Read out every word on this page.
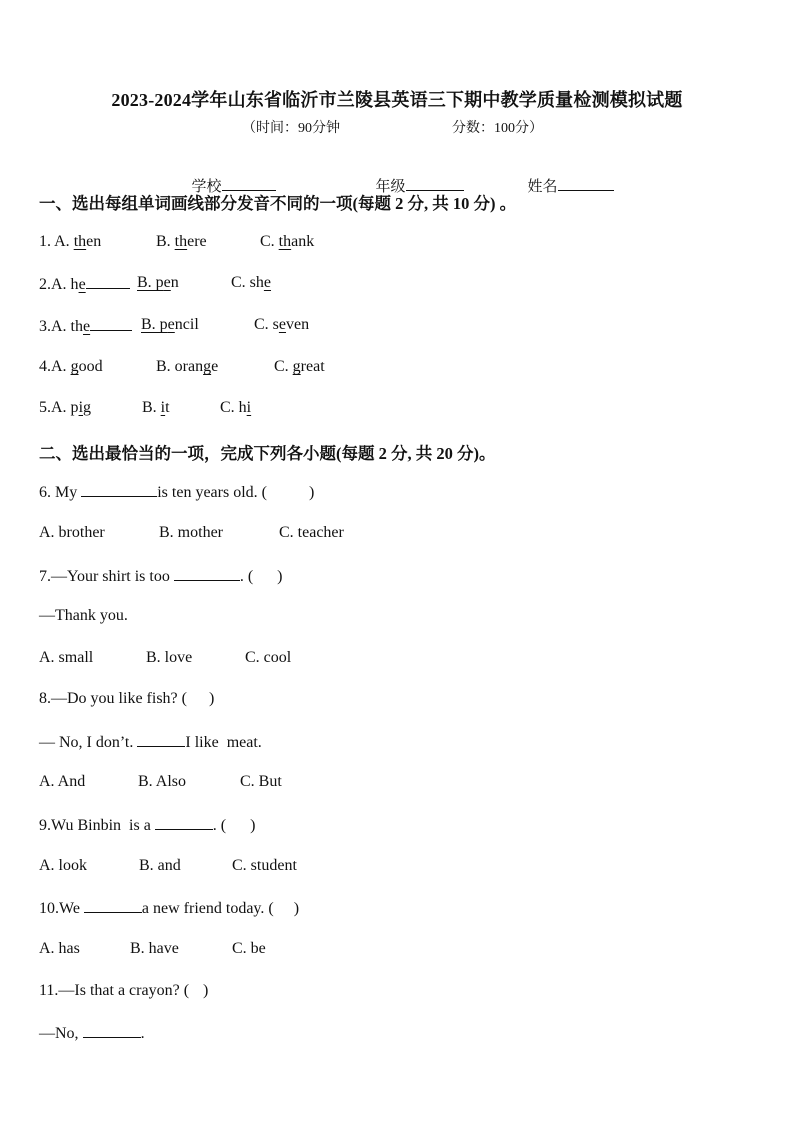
2023-2024学年山东省临沂市兰陵县英语三下期中教学质量检测模拟试题
（时间：90分钟	分数：100分）

学校	年级	姓名

一、选出每组单词画线部分发音不同的一项(每题 2 分, 共 10 分) 。

1. A. then

	B. there

	C. thank

2.A. he

	B. pen

	C. she

3.A. the

	B. pencil

	C. seven

4.A. good

	B. orange

	C. great

5.A. pig

	B. it

	C. hi

二、选出最恰当的一项，完成下列各小题(每题 2 分, 共 20 分)。
6. My	is ten years old. (	)

A. brother

	B. mother

	C. teacher

7.—Your shirt is too	. ( )
—Thank you.

A. small

	B. love

	C. cool

8.—Do you like fish? ( )
— No, I don’t.	I like  meat.

A. And

	B. Also

	C. But

9.Wu Binbin  is a	. ( )

A. look

	B. and

	C. student

10.We	a new friend today. ( )

A. has

	B. have

	C. be

11.—Is that a crayon? ( )
—No,	.
